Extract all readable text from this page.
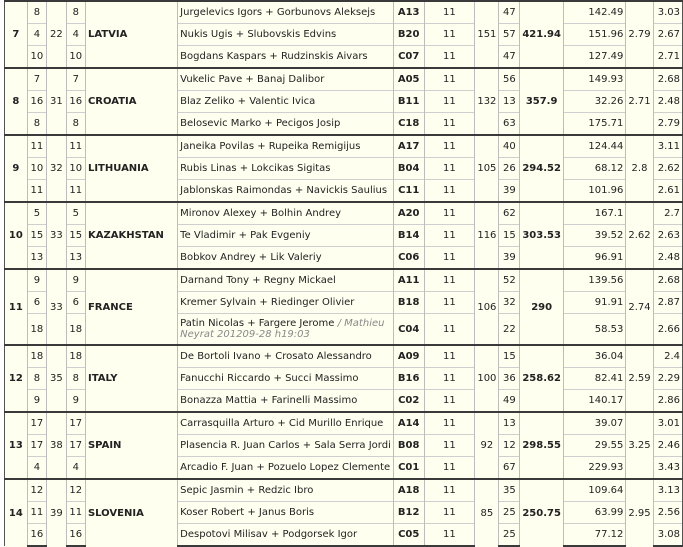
7	8	22	8	LATVIA	Jurgelevics Igors + Gorbunovs Aleksejs	A13	11	151	47	421.94	142.49	2.79	3.03
	4		4		Nukis Ugis + Slubovskis Edvins	B20	11		57		151.96		2.67
	10		10		Bogdans Kaspars + Rudzinskis Aivars	C07	11		47		127.49		2.71
8	7	31	7	CROATIA	Vukelic Pave + Banaj Dalibor	A05	11	132	56	357.9	149.93	2.71	2.68
	16		16		Blaz Zeliko + Valentic Ivica	B11	11		13		32.26		2.48
	8		8		Belosevic Marko + Pecigos Josip	C18	11		63		175.71		2.79
9	11	32	11	LITHUANIA	Janeika Povilas + Rupeika Remigijus	A17	11	105	40	294.52	124.44	2.8	3.11
	10		10		Rubis Linas + Lokcikas Sigitas	B04	11		26		68.12		2.62
	11		11		Jablonskas Raimondas + Navickis Saulius	C11	11		39		101.96		2.61
10	5	33	5	KAZAKHSTAN	Mironov Alexey + Bolhin Andrey	A20	11	116	62	303.53	167.1	2.62	2.7
	15		15		Te Vladimir + Pak Evgeniy	B14	11		15		39.52		2.63
	13		13		Bobkov Andrey + Lik Valeriy	C06	11		39		96.91		2.48
11	9	33	9	FRANCE	Darnand Tony + Regny Mickael	A11	11	106	52	290	139.56	2.74	2.68
	6		6		Kremer Sylvain + Riedinger Olivier	B18	11		32		91.91		2.87
	18		18		Patin Nicolas + Fargere Jerome / Mathieu Neyrat 201209-28 h19:03	C04	11		22		58.53		2.66
12	18	35	18	ITALY	De Bortoli Ivano + Crosato Alessandro	A09	11	100	15	258.62	36.04	2.59	2.4
	8		8		Fanucchi Riccardo + Succi Massimo	B16	11		36		82.41		2.29
	9		9		Bonazza Mattia + Farinelli Massimo	C02	11		49		140.17		2.86
13	17	38	17	SPAIN	Carrasquilla Arturo + Cid Murillo Enrique	A14	11	92	13	298.55	39.07	3.25	3.01
	17		17		Plasencia R. Juan Carlos + Sala Serra Jordi	B08	11		12		29.55		2.46
	4		4		Arcadio F. Juan + Pozuelo Lopez Clemente	C01	11		67		229.93		3.43
14	12	39	12	SLOVENIA	Sepic Jasmin + Redzic Ibro	A18	11	85	35	250.75	109.64	2.95	3.13
	11		11		Koser Robert + Janus Boris	B12	11		25		63.99		2.56
	16		16		Despotovi Milisav + Podgorsek Igor	C05	11		25		77.12		3.08
